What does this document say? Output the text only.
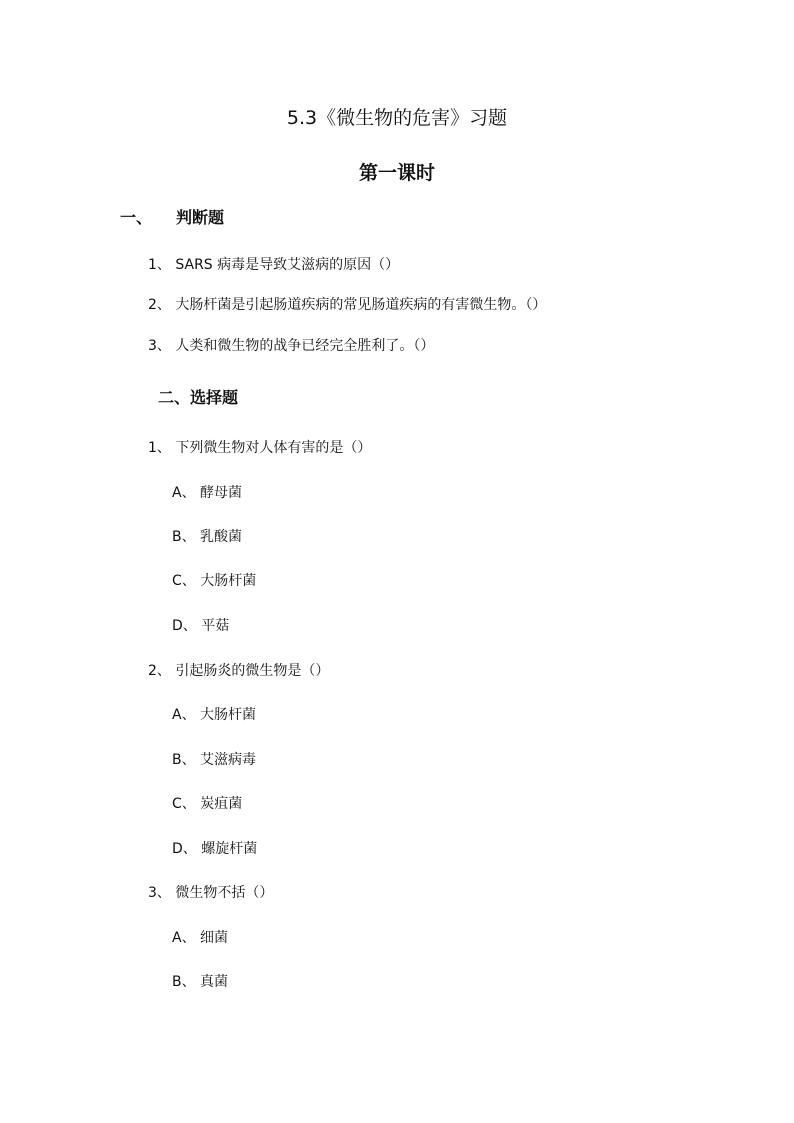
5.3《微生物的危害》习题
第一课时
一、 判断题
1、 SARS 病毒是导致艾滋病的原因（）
2、 大肠杆菌是引起肠道疾病的常见肠道疾病的有害微生物。（）
3、 人类和微生物的战争已经完全胜利了。（）
二、选择题
1、 下列微生物对人体有害的是（）
A、 酵母菌
B、 乳酸菌
C、 大肠杆菌
D、 平菇
2、 引起肠炎的微生物是（）
A、 大肠杆菌
B、 艾滋病毒
C、 炭疽菌
D、 螺旋杆菌
3、 微生物不括（）
A、 细菌
B、 真菌
